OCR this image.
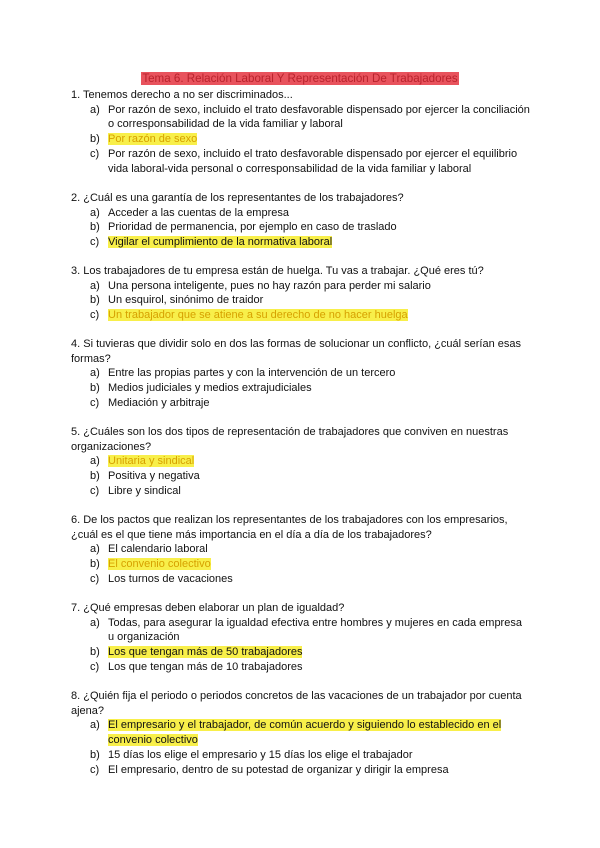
Tema 6. Relación Laboral Y Representación De Trabajadores

1. Tenemos derecho a no ser discriminados...

a) Por razón de sexo, incluido el trato desfavorable dispensado por ejercer la conciliación o corresponsabilidad de la vida familiar y laboral
b) Por razón de sexo
c) Por razón de sexo, incluido el trato desfavorable dispensado por ejercer el equilibrio vida laboral-vida personal o corresponsabilidad de la vida familiar y laboral

2. ¿Cuál es una garantía de los representantes de los trabajadores?

a) Acceder a las cuentas de la empresa
b) Prioridad de permanencia, por ejemplo en caso de traslado
c) Vigilar el cumplimiento de la normativa laboral

3. Los trabajadores de tu empresa están de huelga. Tu vas a trabajar. ¿Qué eres tú?

a) Una persona inteligente, pues no hay razón para perder mi salario
b) Un esquirol, sinónimo de traidor
c) Un trabajador que se atiene a su derecho de no hacer huelga

4. Si tuvieras que dividir solo en dos las formas de solucionar un conflicto, ¿cuál serían esas formas?

a) Entre las propias partes y con la intervención de un tercero
b) Medios judiciales y medios extrajudiciales
c) Mediación y arbitraje

5. ¿Cuáles son los dos tipos de representación de trabajadores que conviven en nuestras organizaciones?

a) Unitaria y sindical
b) Positiva y negativa
c) Libre y sindical

6. De los pactos que realizan los representantes de los trabajadores con los empresarios, ¿cuál es el que tiene más importancia en el día a día de los trabajadores?

a) El calendario laboral
b) El convenio colectivo
c) Los turnos de vacaciones

7. ¿Qué empresas deben elaborar un plan de igualdad?

a) Todas, para asegurar la igualdad efectiva entre hombres y mujeres en cada empresa u organización
b) Los que tengan más de 50 trabajadores
c) Los que tengan más de 10 trabajadores

8. ¿Quién fija el periodo o periodos concretos de las vacaciones de un trabajador por cuenta ajena?

a) El empresario y el trabajador, de común acuerdo y siguiendo lo establecido en el convenio colectivo
b) 15 días los elige el empresario y 15 días los elige el trabajador
c) El empresario, dentro de su potestad de organizar y dirigir la empresa
